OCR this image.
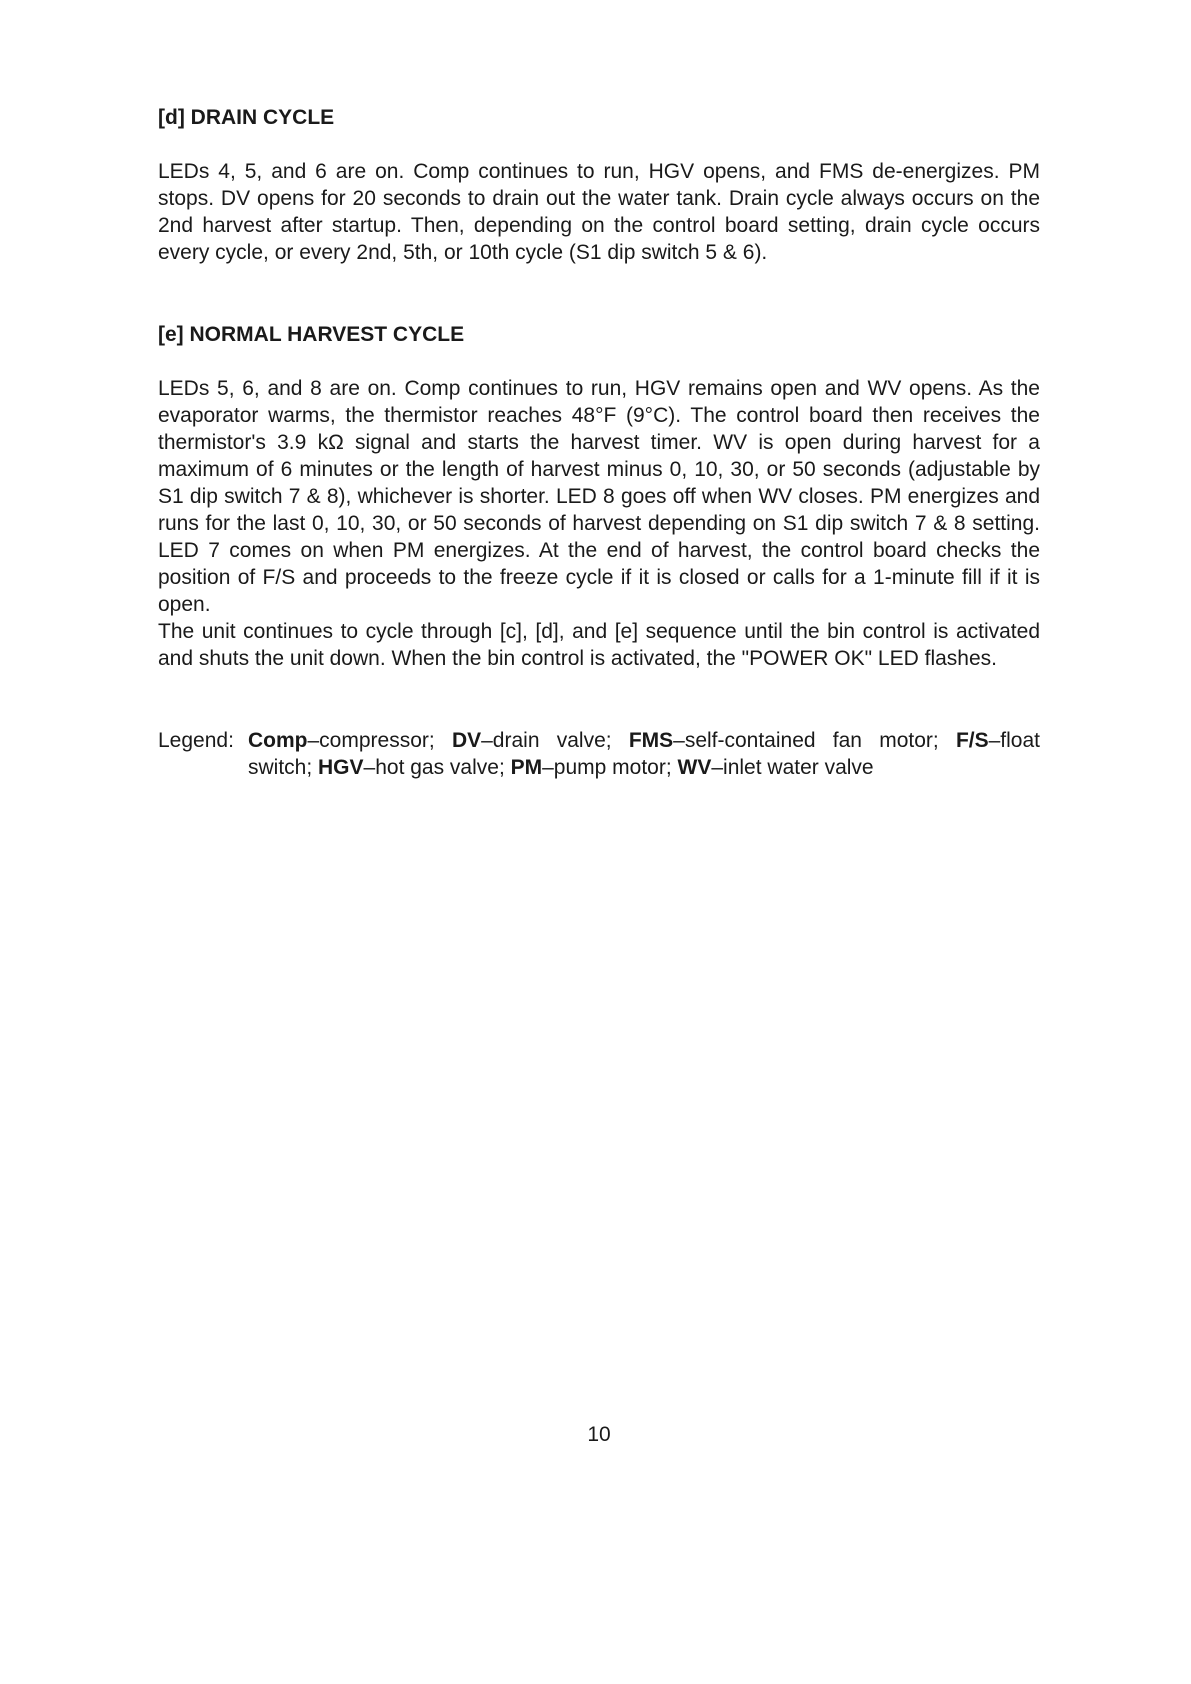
[d] DRAIN CYCLE

LEDs 4, 5, and 6 are on. Comp continues to run, HGV opens, and FMS de-energizes. PM stops. DV opens for 20 seconds to drain out the water tank. Drain cycle always occurs on the 2nd harvest after startup. Then, depending on the control board setting, drain cycle occurs every cycle, or every 2nd, 5th, or 10th cycle (S1 dip switch 5 & 6).

[e] NORMAL HARVEST CYCLE

LEDs 5, 6, and 8 are on. Comp continues to run, HGV remains open and WV opens. As the evaporator warms, the thermistor reaches 48°F (9°C). The control board then receives the thermistor's 3.9 kΩ signal and starts the harvest timer. WV is open during harvest for a maximum of 6 minutes or the length of harvest minus 0, 10, 30, or 50 seconds (adjustable by S1 dip switch 7 & 8), whichever is shorter. LED 8 goes off when WV closes. PM energizes and runs for the last 0, 10, 30, or 50 seconds of harvest depending on S1 dip switch 7 & 8 setting. LED 7 comes on when PM energizes. At the end of harvest, the control board checks the position of F/S and proceeds to the freeze cycle if it is closed or calls for a 1-minute fill if it is open.

The unit continues to cycle through [c], [d], and [e] sequence until the bin control is activated and shuts the unit down. When the bin control is activated, the "POWER OK" LED flashes.

Legend: Comp–compressor; DV–drain valve; FMS–self-contained fan motor; F/S–float switch; HGV–hot gas valve; PM–pump motor; WV–inlet water valve
10
